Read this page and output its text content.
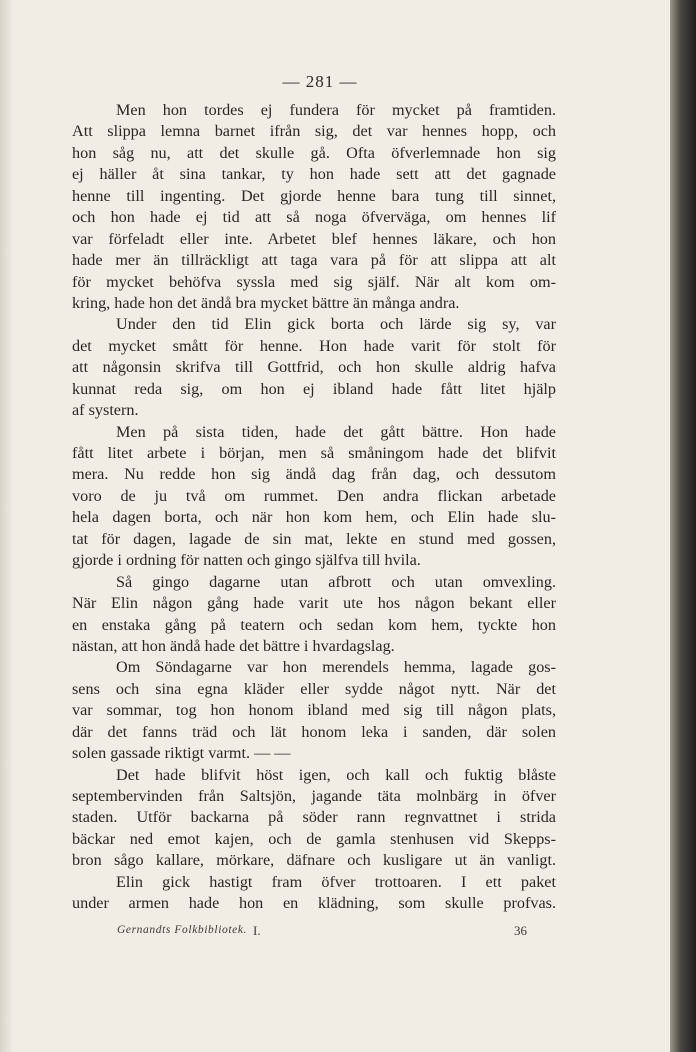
— 281 —
Men hon tordes ej fundera för mycket på framtiden.
Att slippa lemna barnet ifrån sig, det var hennes hopp, och
hon såg nu, att det skulle gå. Ofta öfverlemnade hon sig
ej häller åt sina tankar, ty hon hade sett att det gagnade
henne till ingenting. Det gjorde henne bara tung till sinnet,
och hon hade ej tid att så noga öfverväga, om hennes lif
var förfeladt eller inte. Arbetet blef hennes läkare, och hon
hade mer än tillräckligt att taga vara på för att slippa att alt
för mycket behöfva syssla med sig själf. När alt kom om-
kring, hade hon det ändå bra mycket bättre än många andra.
Under den tid Elin gick borta och lärde sig sy, var
det mycket smått för henne. Hon hade varit för stolt för
att någonsin skrifva till Gottfrid, och hon skulle aldrig hafva
kunnat reda sig, om hon ej ibland hade fått litet hjälp
af systern.
Men på sista tiden, hade det gått bättre. Hon hade
fått litet arbete i början, men så småningom hade det blifvit
mera. Nu redde hon sig ändå dag från dag, och dessutom
voro de ju två om rummet. Den andra flickan arbetade
hela dagen borta, och när hon kom hem, och Elin hade slu-
tat för dagen, lagade de sin mat, lekte en stund med gossen,
gjorde i ordning för natten och gingo själfva till hvila.
Så gingo dagarne utan afbrott och utan omvexling.
När Elin någon gång hade varit ute hos någon bekant eller
en enstaka gång på teatern och sedan kom hem, tyckte hon
nästan, att hon ändå hade det bättre i hvardagslag.
Om Söndagarne var hon merendels hemma, lagade gos-
sens och sina egna kläder eller sydde något nytt. När det
var sommar, tog hon honom ibland med sig till någon plats,
där det fanns träd och lät honom leka i sanden, där solen
solen gassade riktigt varmt. — —
Det hade blifvit höst igen, och kall och fuktig blåste
septembervinden från Saltsjön, jagande täta molnbärg in öfver
staden. Utför backarna på söder rann regnvattnet i strida
bäckar ned emot kajen, och de gamla stenhusen vid Skepps-
bron sågo kallare, mörkare, däfnare och kusligare ut än vanligt.
Elin gick hastigt fram öfver trottoaren. I ett paket
under armen hade hon en klädning, som skulle profvas.
Gernandts Folkbibliotek. I.	36
